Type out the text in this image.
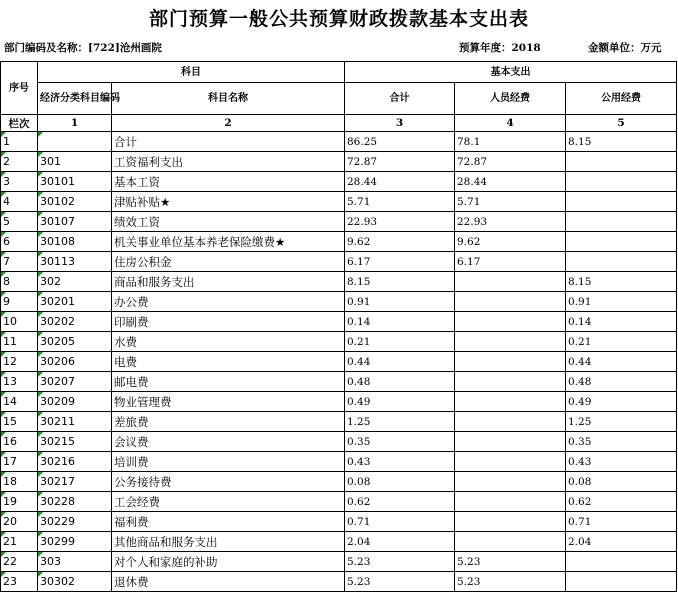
部门预算一般公共预算财政拨款基本支出表
部门编码及名称：[722]沧州画院	预算年度：2018	金额单位：万元
序号	科目		基本支出		
	经济分类科目编码	科目名称	合计	人员经费	公用经费

栏次	1	2	3	4	5
1		合计	86.25	78.1	8.15
2	301	工资福利支出	72.87	72.87	
3	30101	基本工资	28.44	28.44	
4	30102	津贴补贴★	5.71	5.71	
5	30107	绩效工资	22.93	22.93	
6	30108	机关事业单位基本养老保险缴费★	9.62	9.62	
7	30113	住房公积金	6.17	6.17	
8	302	商品和服务支出	8.15		8.15
9	30201	办公费	0.91		0.91
10	30202	印刷费	0.14		0.14
11	30205	水费	0.21		0.21
12	30206	电费	0.44		0.44
13	30207	邮电费	0.48		0.48
14	30209	物业管理费	0.49		0.49
15	30211	差旅费	1.25		1.25
16	30215	会议费	0.35		0.35
17	30216	培训费	0.43		0.43
18	30217	公务接待费	0.08		0.08
19	30228	工会经费	0.62		0.62
20	30229	福利费	0.71		0.71
21	30299	其他商品和服务支出	2.04		2.04
22	303	对个人和家庭的补助	5.23	5.23	
23	30302	退休费	5.23	5.23	
